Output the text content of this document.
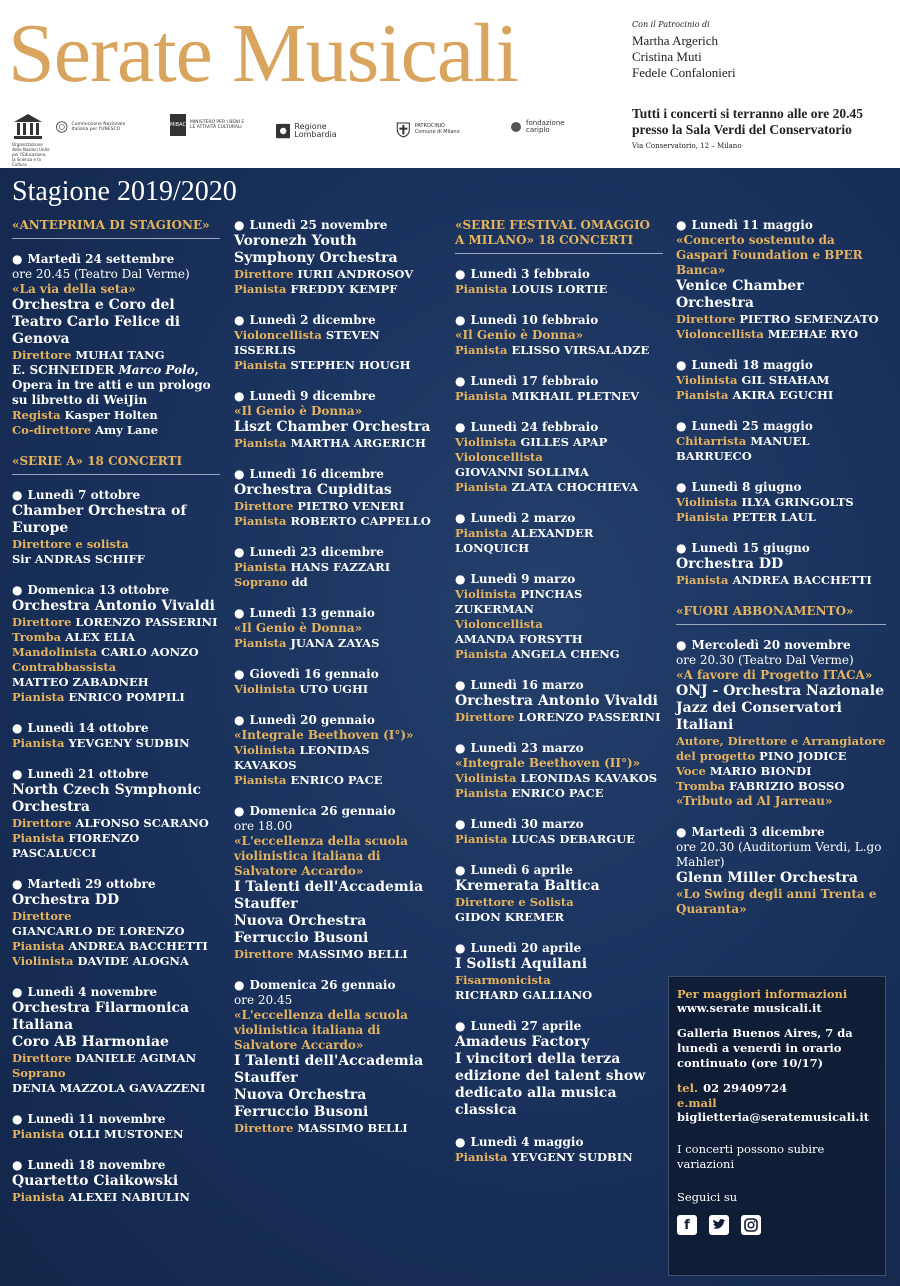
Serate Musicali
Organizzazione delle Nazioni Unite per l'Educazione, la Scienza e la Cultura
Commissione Nazionale Italiana per l'UNESCO
MiBAC MINISTERO PER I BENI E LE ATTIVITÀ CULTURALI	Regione Lombardia
PATROCINIO Comune di Milano
fondazione cariplo
Con il Patrocinio di
Martha Argerich
Cristina Muti
Fedele Confalonieri
Tutti i concerti si terranno alle ore 20.45
presso la Sala Verdi del Conservatorio
Via Conservatorio, 12 – Milano
Stagione 2019/2020
«ANTEPRIMA DI STAGIONE»
● Martedì 24 settembre
ore 20.45 (Teatro Dal Verme)
«La via della seta»
Orchestra e Coro del Teatro Carlo Felice di Genova
Direttore MUHAI TANG
E. SCHNEIDER Marco Polo, Opera in tre atti e un prologo su libretto di WeiJin
Regista Kasper Holten
Co-direttore Amy Lane
«SERIE A» 18 CONCERTI
● Lunedì 7 ottobre
Chamber Orchestra of Europe
Direttore e solista
Sir ANDRAS SCHIFF
● Domenica 13 ottobre
Orchestra Antonio Vivaldi
Direttore LORENZO PASSERINI
Tromba ALEX ELIA
Mandolinista CARLO AONZO
Contrabbassista
MATTEO ZABADNEH
Pianista ENRICO POMPILI
● Lunedì 14 ottobre
Pianista YEVGENY SUDBIN
● Lunedì 21 ottobre
North Czech Symphonic Orchestra
Direttore ALFONSO SCARANO
Pianista FIORENZO PASCALUCCI
● Martedì 29 ottobre
Orchestra DD
Direttore
GIANCARLO DE LORENZO
Pianista ANDREA BACCHETTI
Violinista DAVIDE ALOGNA
● Lunedì 4 novembre
Orchestra Filarmonica Italiana
Coro AB Harmoniae
Direttore DANIELE AGIMAN
Soprano
DENIA MAZZOLA GAVAZZENI
● Lunedì 11 novembre
Pianista OLLI MUSTONEN
● Lunedì 18 novembre
Quartetto Ciaikowski
Pianista ALEXEI NABIULIN
● Lunedì 25 novembre
Voronezh Youth Symphony Orchestra
Direttore IURII ANDROSOV
Pianista FREDDY KEMPF
● Lunedì 2 dicembre
Violoncellista STEVEN ISSERLIS
Pianista STEPHEN HOUGH
● Lunedì 9 dicembre
«Il Genio è Donna»
Liszt Chamber Orchestra
Pianista MARTHA ARGERICH
● Lunedì 16 dicembre
Orchestra Cupiditas
Direttore PIETRO VENERI
Pianista ROBERTO CAPPELLO
● Lunedì 23 dicembre
Pianista HANS FAZZARI
Soprano dd
● Lunedì 13 gennaio
«Il Genio è Donna»
Pianista JUANA ZAYAS
● Giovedì 16 gennaio
Violinista UTO UGHI
● Lunedì 20 gennaio
«Integrale Beethoven (I°)»
Violinista LEONIDAS KAVAKOS
Pianista ENRICO PACE
● Domenica 26 gennaio
ore 18.00
«L'eccellenza della scuola violinistica italiana di Salvatore Accardo»
I Talenti dell'Accademia Stauffer
Nuova Orchestra Ferruccio Busoni
Direttore MASSIMO BELLI
● Domenica 26 gennaio
ore 20.45
«L'eccellenza della scuola violinistica italiana di Salvatore Accardo»
I Talenti dell'Accademia Stauffer
Nuova Orchestra Ferruccio Busoni
Direttore MASSIMO BELLI
«SERIE FESTIVAL OMAGGIO A MILANO» 18 CONCERTI
● Lunedì 3 febbraio
Pianista LOUIS LORTIE
● Lunedì 10 febbraio
«Il Genio è Donna»
Pianista ELISSO VIRSALADZE
● Lunedì 17 febbraio
Pianista MIKHAIL PLETNEV
● Lunedì 24 febbraio
Violinista GILLES APAP
Violoncellista
GIOVANNI SOLLIMA
Pianista ZLATA CHOCHIEVA
● Lunedì 2 marzo
Pianista ALEXANDER LONQUICH
● Lunedì 9 marzo
Violinista PINCHAS ZUKERMAN
Violoncellista
AMANDA FORSYTH
Pianista ANGELA CHENG
● Lunedì 16 marzo
Orchestra Antonio Vivaldi
Direttore LORENZO PASSERINI
● Lunedì 23 marzo
«Integrale Beethoven (II°)»
Violinista LEONIDAS KAVAKOS
Pianista ENRICO PACE
● Lunedì 30 marzo
Pianista LUCAS DEBARGUE
● Lunedì 6 aprile
Kremerata Baltica
Direttore e Solista
GIDON KREMER
● Lunedì 20 aprile
I Solisti Aquilani
Fisarmonicista
RICHARD GALLIANO
● Lunedì 27 aprile
Amadeus Factory
I vincitori della terza edizione del talent show dedicato alla musica classica
● Lunedì 4 maggio
Pianista YEVGENY SUDBIN
● Lunedì 11 maggio
«Concerto sostenuto da Gaspari Foundation e BPER Banca»
Venice Chamber Orchestra
Direttore PIETRO SEMENZATO
Violoncellista MEEHAE RYO
● Lunedì 18 maggio
Violinista GIL SHAHAM
Pianista AKIRA EGUCHI
● Lunedì 25 maggio
Chitarrista MANUEL BARRUECO
● Lunedì 8 giugno
Violinista ILYA GRINGOLTS
Pianista PETER LAUL
● Lunedì 15 giugno
Orchestra DD
Pianista ANDREA BACCHETTI
«FUORI ABBONAMENTO»
● Mercoledì 20 novembre
ore 20.30 (Teatro Dal Verme)
«A favore di Progetto ITACA»
ONJ - Orchestra Nazionale Jazz dei Conservatori Italiani
Autore, Direttore e Arrangiatore del progetto PINO JODICE
Voce MARIO BIONDI
Tromba FABRIZIO BOSSO
«Tributo ad Al Jarreau»
● Martedì 3 dicembre
ore 20.30 (Auditorium Verdi, L.go Mahler)
Glenn Miller Orchestra
«Lo Swing degli anni Trenta e Quaranta»
Per maggiori informazioni
www.serate musicali.it
Galleria Buenos Aires, 7 da lunedì a venerdì in orario continuato (ore 10/17)
tel. 02 29409724
e.mail
biglietteria@seratemusicali.it
I concerti possono subire variazioni
Seguici su
f
